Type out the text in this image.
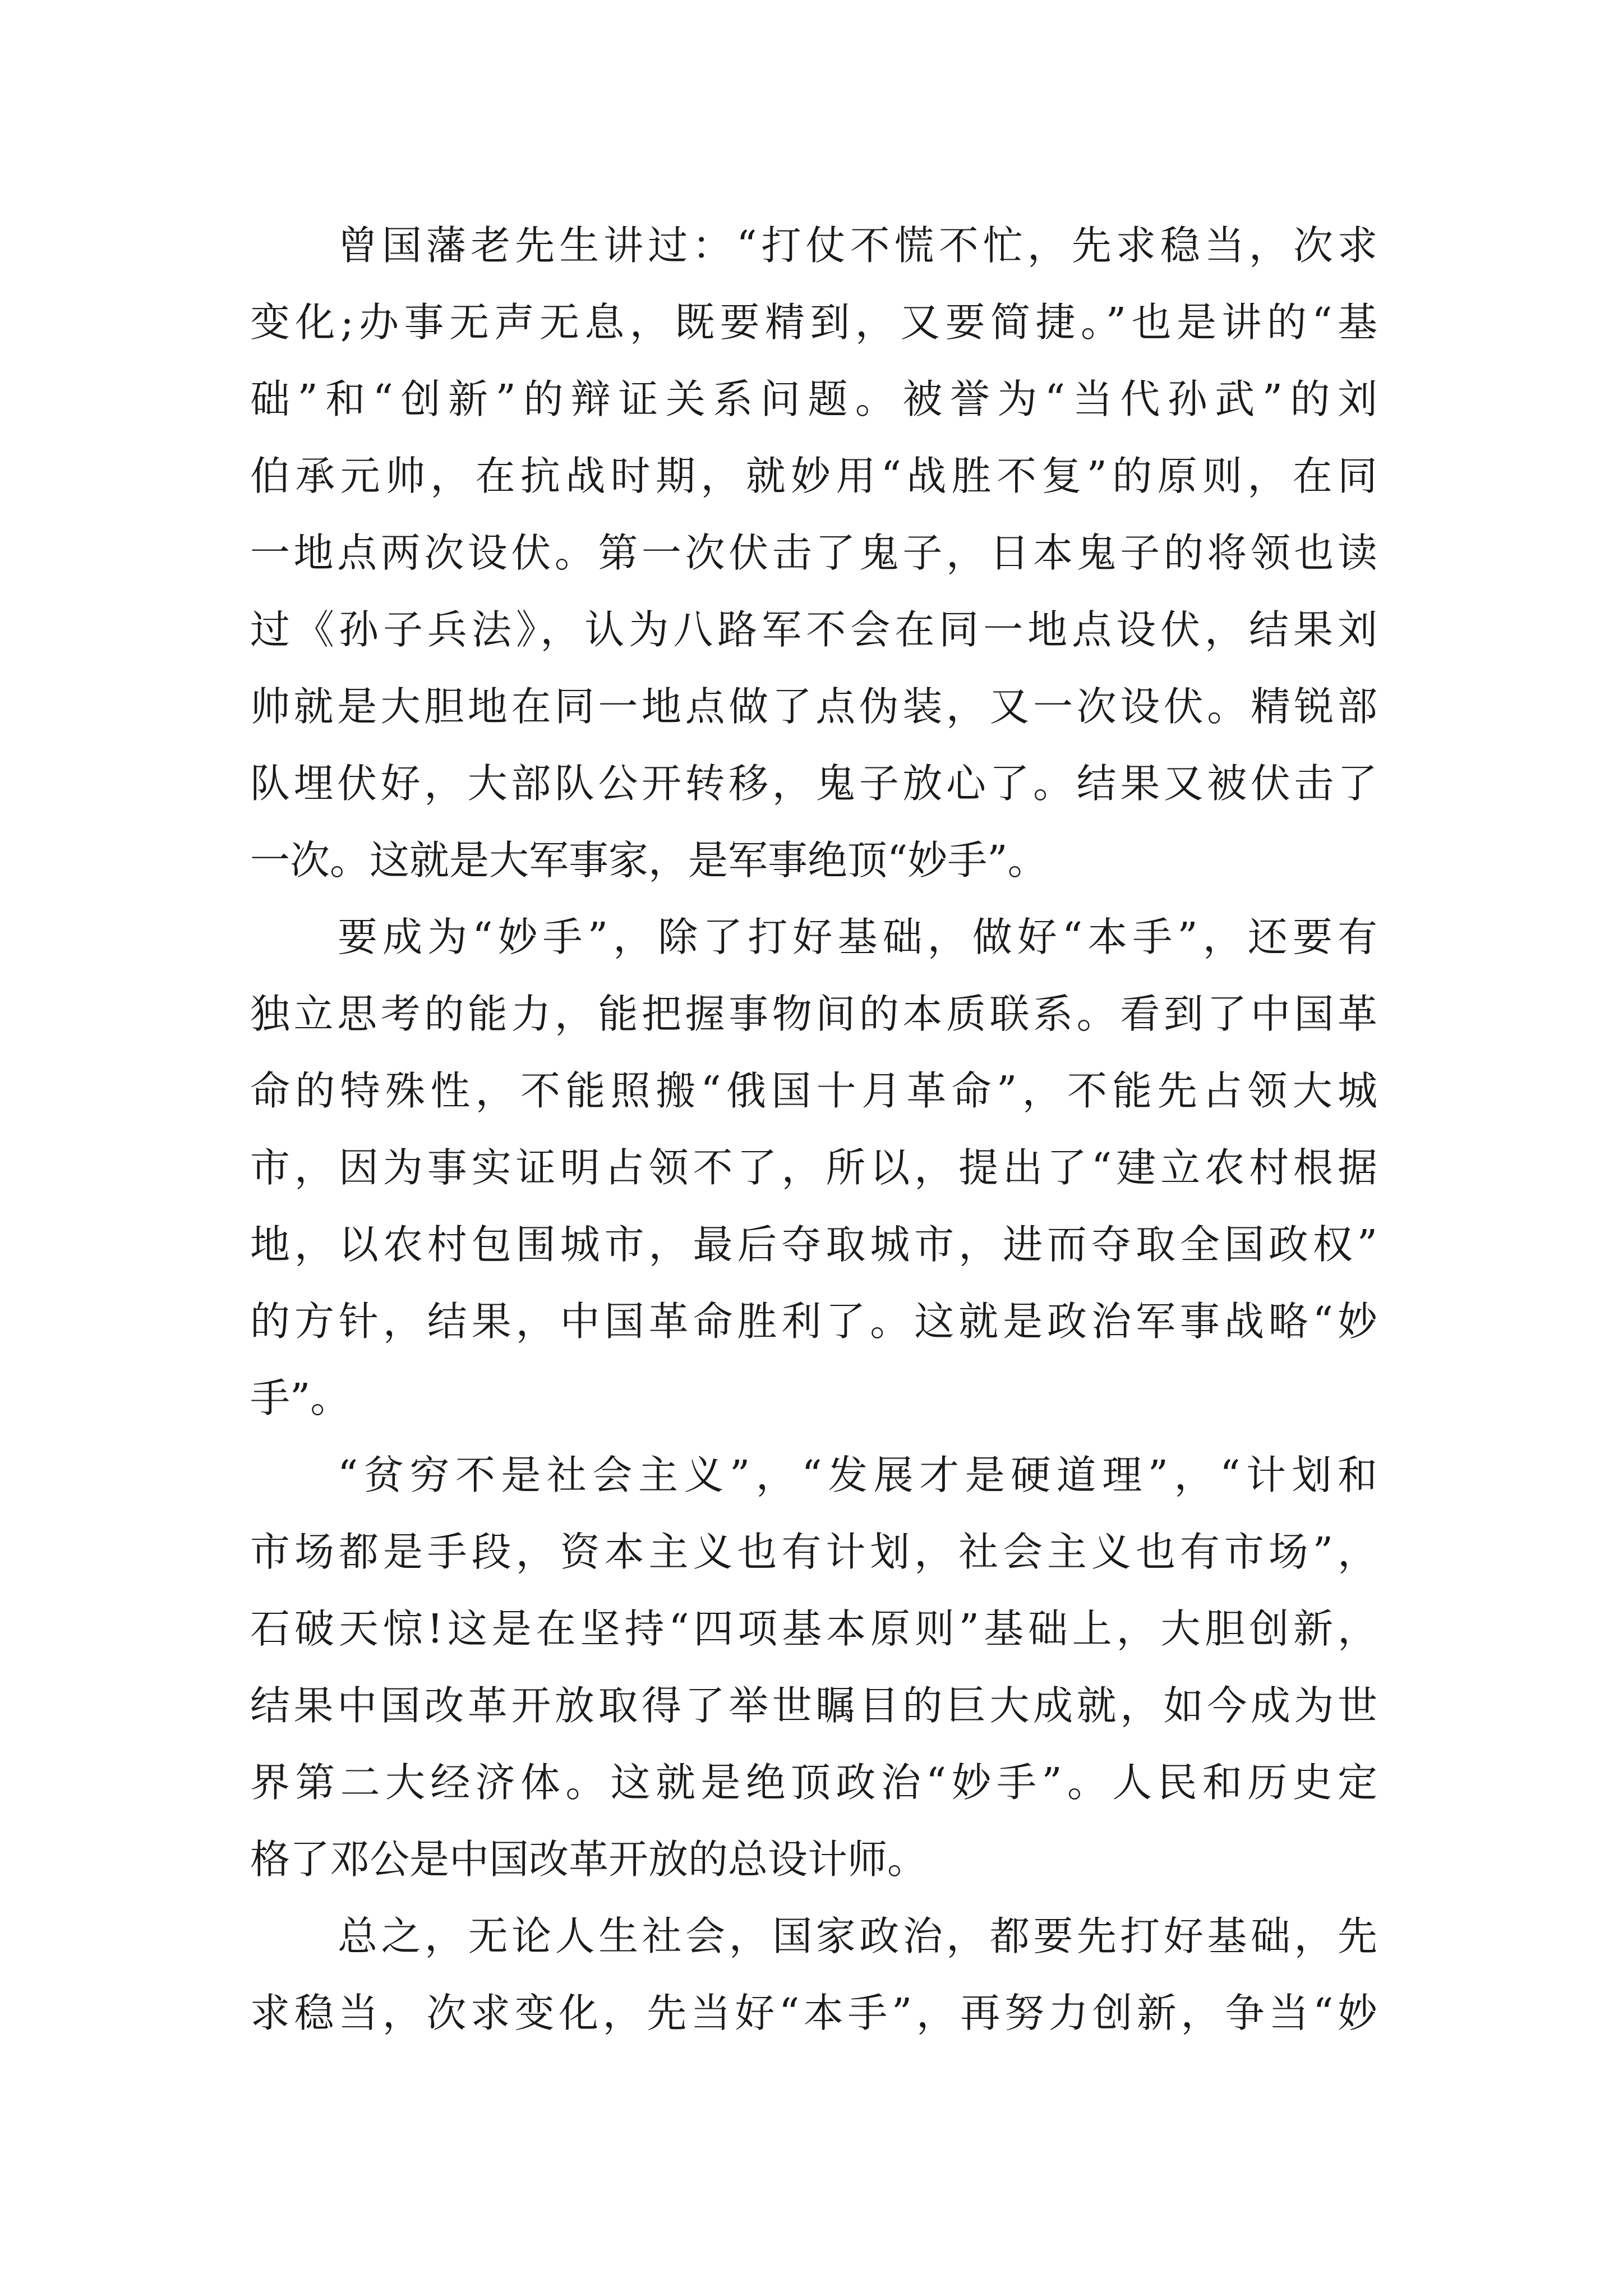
曾国藩老先生讲过：“打仗不慌不忙，先求稳当，次求
变化;办事无声无息，既要精到，又要简捷。”也是讲的“基
础”和“创新”的辩证关系问题。被誉为“当代孙武”的刘
伯承元帅，在抗战时期，就妙用“战胜不复”的原则，在同
一地点两次设伏。第一次伏击了鬼子，日本鬼子的将领也读
过《孙子兵法》，认为八路军不会在同一地点设伏，结果刘
帅就是大胆地在同一地点做了点伪装，又一次设伏。精锐部
队埋伏好，大部队公开转移，鬼子放心了。结果又被伏击了
一次。这就是大军事家，是军事绝顶“妙手”。
要成为“妙手”，除了打好基础，做好“本手”，还要有
独立思考的能力，能把握事物间的本质联系。看到了中国革
命的特殊性，不能照搬“俄国十月革命”，不能先占领大城
市，因为事实证明占领不了，所以，提出了“建立农村根据
地，以农村包围城市，最后夺取城市，进而夺取全国政权”
的方针，结果，中国革命胜利了。这就是政治军事战略“妙
手”。
“贫穷不是社会主义”，“发展才是硬道理”，“计划和
市场都是手段，资本主义也有计划，社会主义也有市场”，
石破天惊!这是在坚持“四项基本原则”基础上，大胆创新，
结果中国改革开放取得了举世瞩目的巨大成就，如今成为世
界第二大经济体。这就是绝顶政治“妙手”。人民和历史定
格了邓公是中国改革开放的总设计师。
总之，无论人生社会，国家政治，都要先打好基础，先
求稳当，次求变化，先当好“本手”，再努力创新，争当“妙
